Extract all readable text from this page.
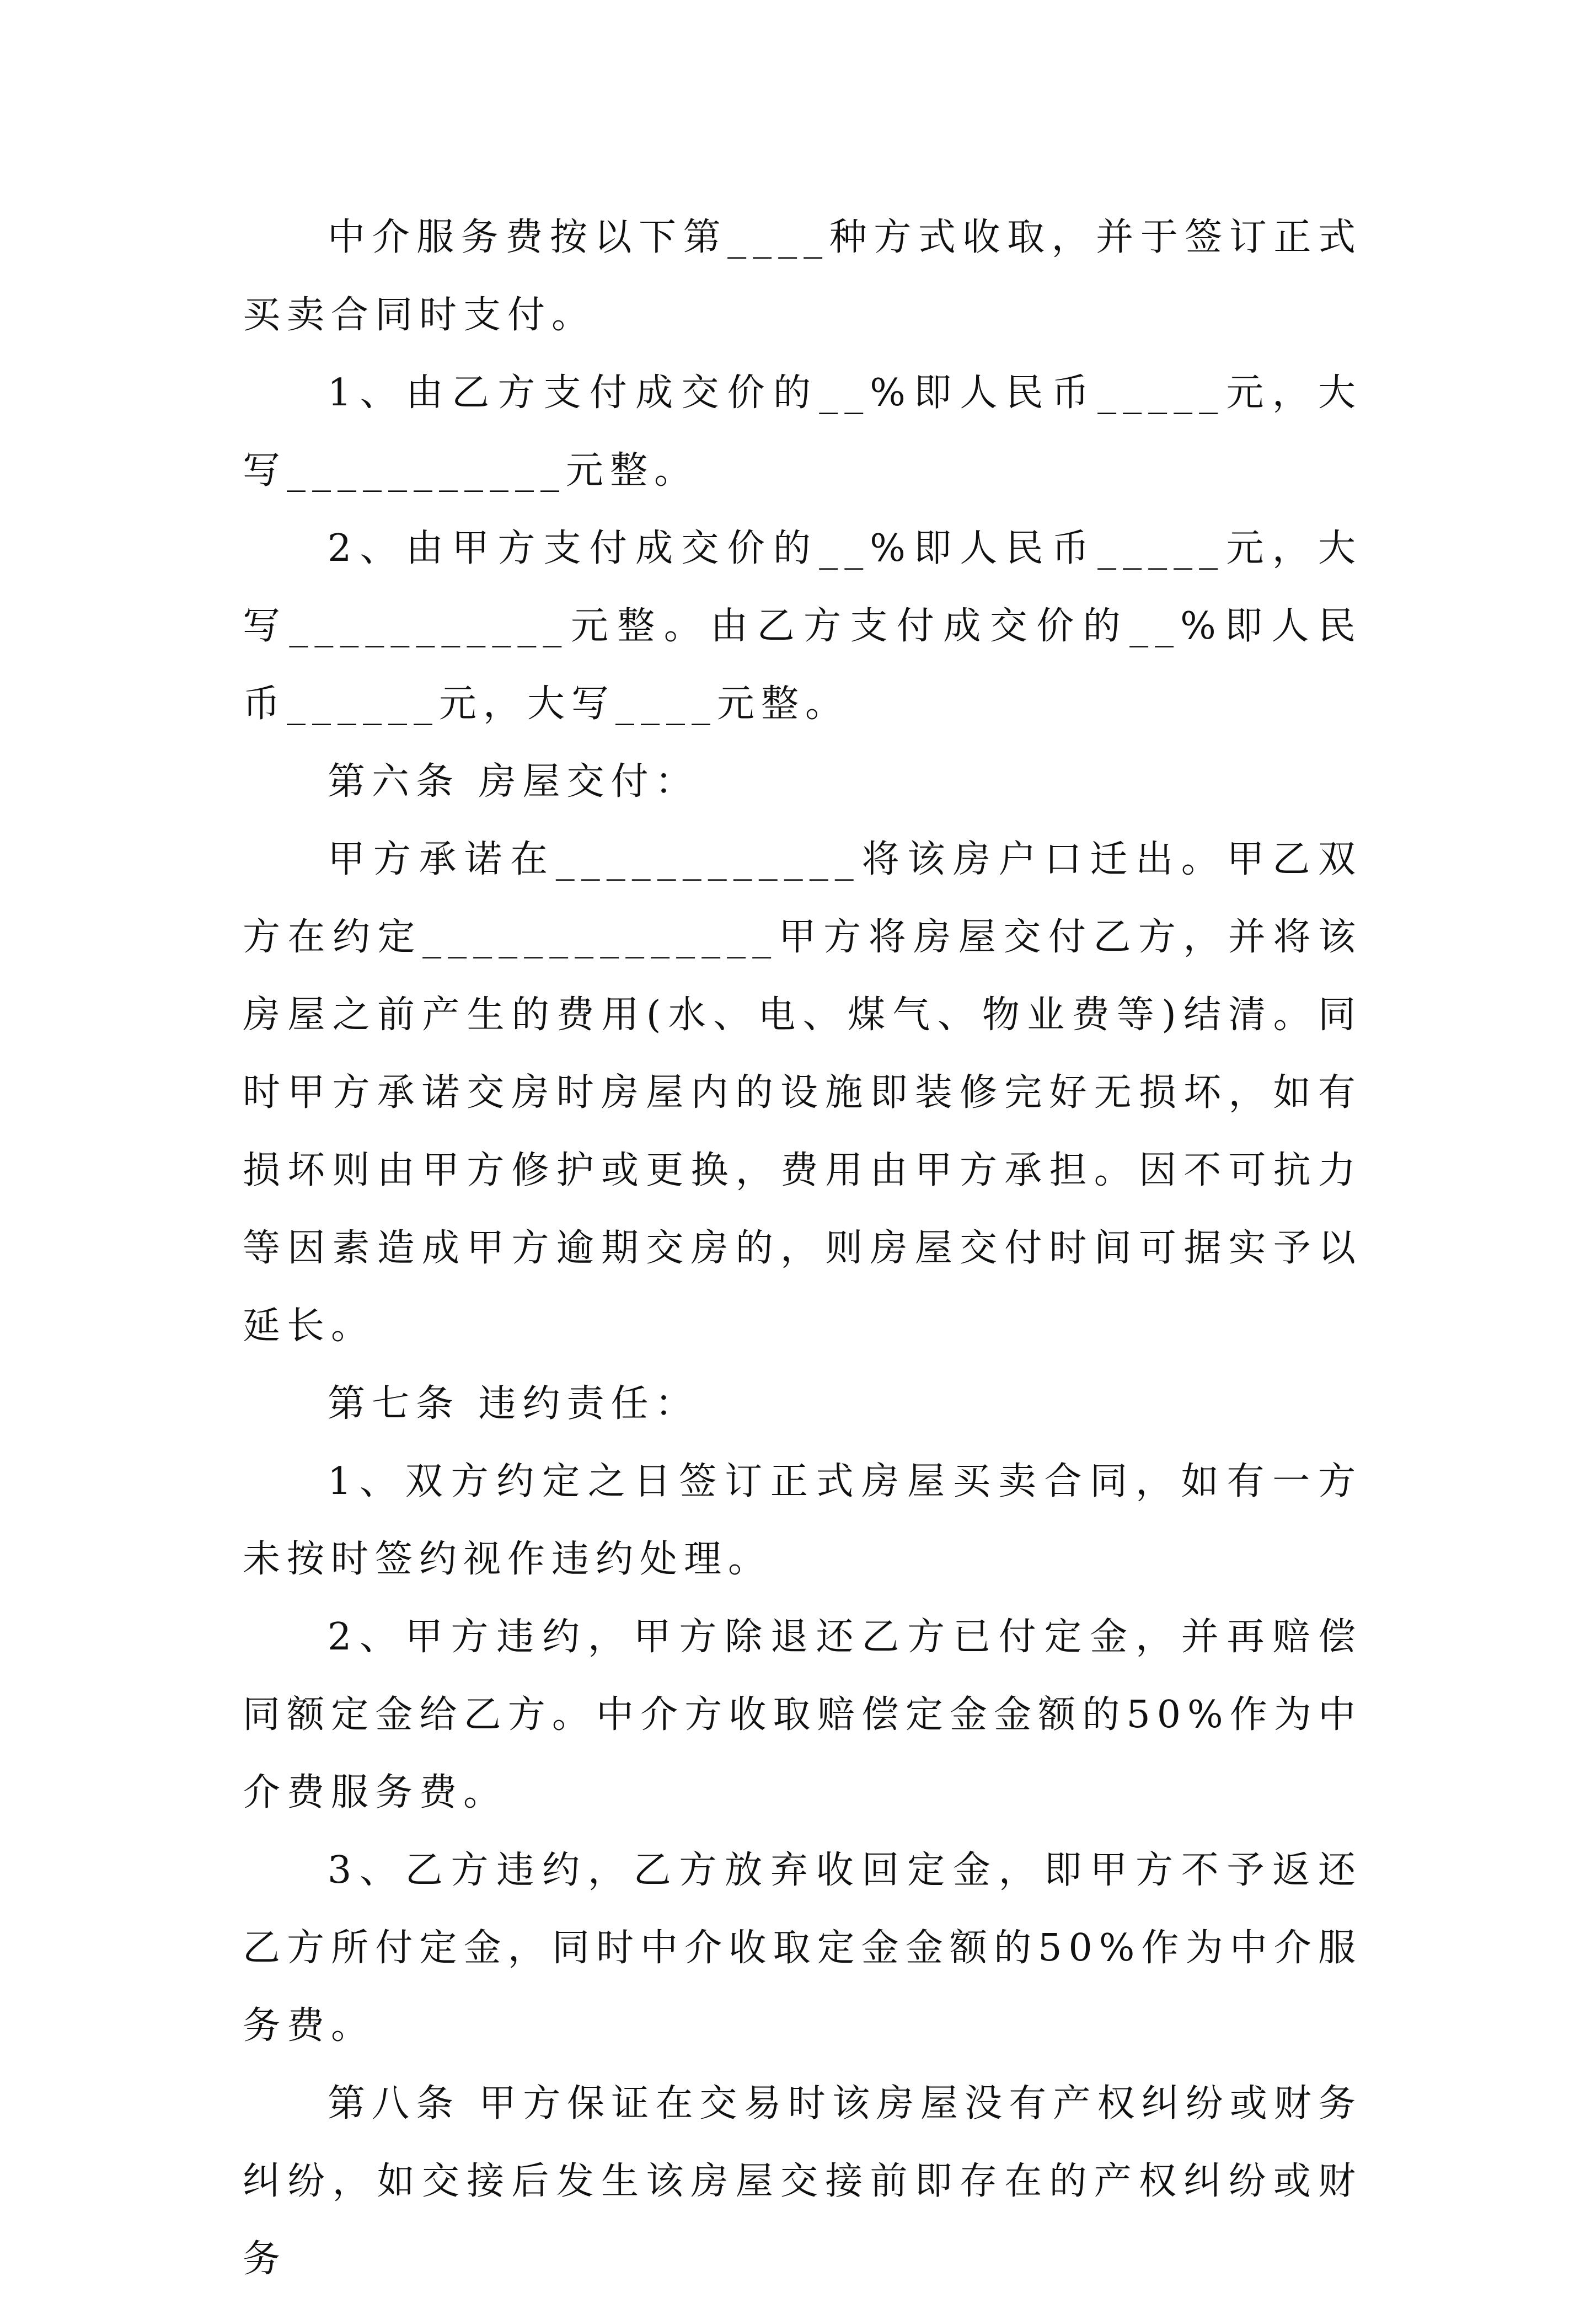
中介服务费按以下第____种方式收取，并于签订正式买卖合同时支付。

1、由乙方支付成交价的__%即人民币_____元，大写___________元整。

2、由甲方支付成交价的__%即人民币_____元，大写___________元整。由乙方支付成交价的__%即人民币______元，大写____元整。

第六条 房屋交付：

甲方承诺在____________将该房户口迁出。甲乙双方在约定______________甲方将房屋交付乙方，并将该房屋之前产生的费用(水、电、煤气、物业费等)结清。同时甲方承诺交房时房屋内的设施即装修完好无损坏，如有损坏则由甲方修护或更换，费用由甲方承担。因不可抗力等因素造成甲方逾期交房的，则房屋交付时间可据实予以延长。

第七条 违约责任：

1、双方约定之日签订正式房屋买卖合同，如有一方未按时签约视作违约处理。

2、甲方违约，甲方除退还乙方已付定金，并再赔偿同额定金给乙方。中介方收取赔偿定金金额的50%作为中介费服务费。

3、乙方违约，乙方放弃收回定金，即甲方不予返还乙方所付定金，同时中介收取定金金额的50%作为中介服务费。

第八条 甲方保证在交易时该房屋没有产权纠纷或财务纠纷，如交接后发生该房屋交接前即存在的产权纠纷或财务
